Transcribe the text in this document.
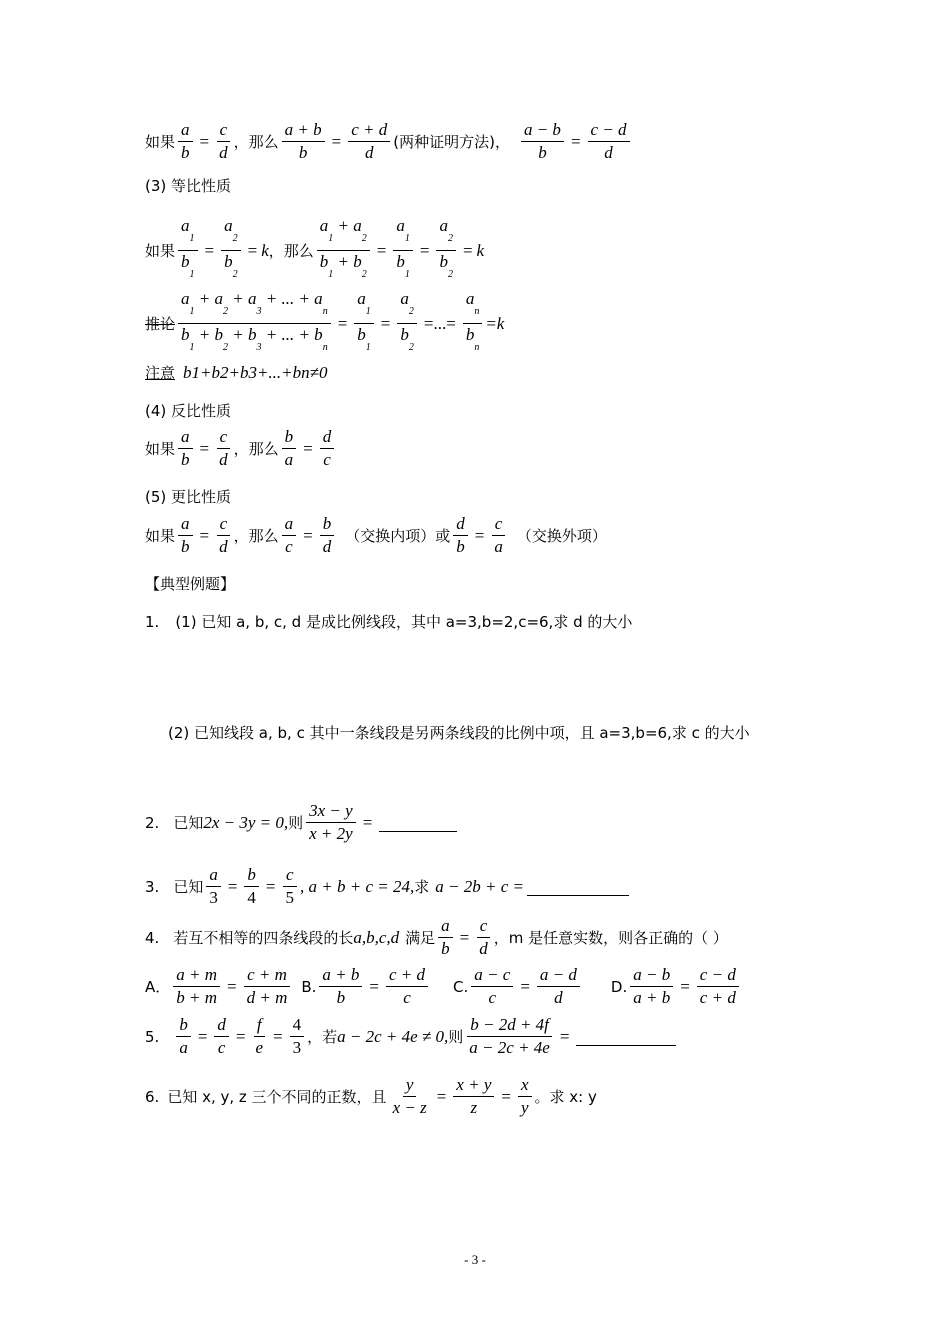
如果 $\frac{a}{b} = \frac{c}{d}$ ，那么 $\frac{a + b}{b} = \frac{c + d}{d}$ (两种证明方法)， $\frac{a - b}{b} = \frac{c - d}{d}$
(3) 等比性质
如果 $\frac{a_1}{b_1} = \frac{a_2}{b_2} = k$ ，那么 $\frac{a_1 + a_2}{b_1 + b_2} = \frac{a_1}{b_1} = \frac{a_2}{b_2} = k$
推论 $\frac{a_1 + a_2 + a_3 + ... + a_n}{b_1 + b_2 + b_3 + ... + b_n} = \frac{a_1}{b_1} = \frac{a_2}{b_2}$ =...= $\frac{a_n}{b_n} =k$
注意 b1+b2+b3+...+bn≠0
(4) 反比性质
如果 $\frac{a}{b} = \frac{c}{d}$ ，那么 $\frac{b}{a} = \frac{d}{c}$
(5) 更比性质
如果 $\frac{a}{b} = \frac{c}{d}$ ，那么 $\frac{a}{c} = \frac{b}{d}$ （交换内项）或 $\frac{d}{b} = \frac{c}{a}$ （交换外项）
【典型例题】
1. (1) 已知 a, b, c, d 是成比例线段，其中 a=3,b=2,c=6,求 d 的大小
(2) 已知线段 a, b, c 其中一条线段是另两条线段的比例中项，且 a=3,b=6,求 c 的大小
2. 已知 2x − 3y = 0, 则 $\frac{3x - y}{x + 2y}$ =
3. 已知 $\frac{a}{3} = \frac{b}{4} = \frac{c}{5}$ , a + b + c = 24, 求 a − 2b + c =
4. 若互不相等的四条线段的长 a,b,c,d 满足 $\frac{a}{b} = \frac{c}{d}$ ，m 是任意实数，则各正确的（ ）
A． $\frac{a + m}{b + m} = \frac{c + m}{d + m} B$. $\frac{a + b}{b} = \frac{c + d}{c} C$. $\frac{a - c}{c} = \frac{a - d}{d} D$. $\frac{a - b}{a + b} = \frac{c - d}{c + d}$
5. $\frac{b}{a} = \frac{d}{c} = \frac{f}{e} = \frac{4}{3}$ ，若 a − 2c + 4e ≠ 0, 则 $\frac{b - 2d + 4f}{a - 2c + 4e}$ =
6. 已知 x, y, z 三个不同的正数，且 $\frac{y}{x - z} = \frac{x + y}{z} = \frac{x}{y}$ 。求 x: y
- 3 -
